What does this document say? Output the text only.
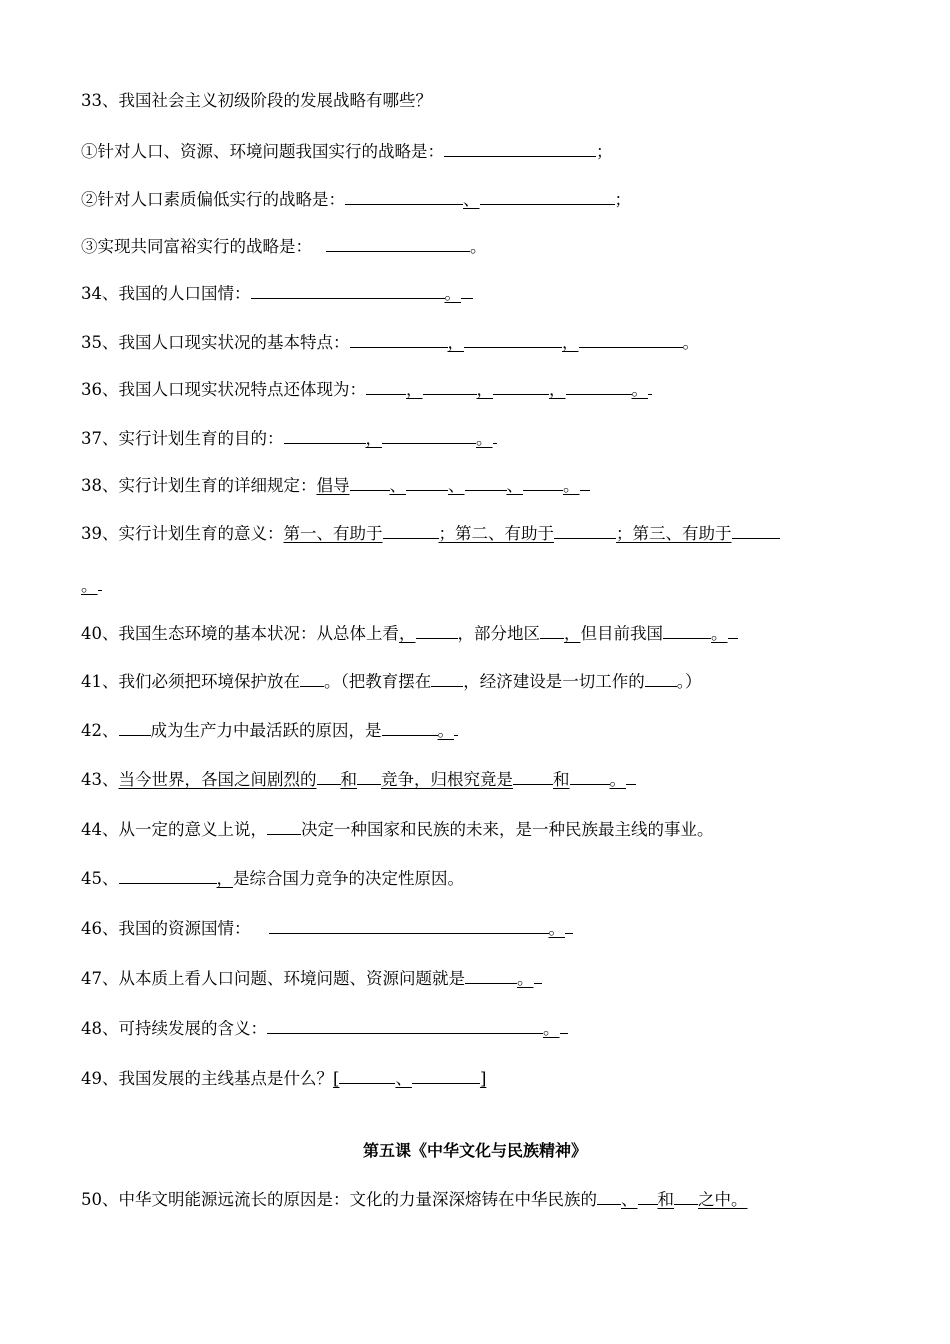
33、我国社会主义初级阶段的发展战略有哪些？
①针对人口、资源、环境问题我国实行的战略是：	；
②针对人口素质偏低实行的战略是：	、	；
③实现共同富裕实行的战略是：	。
34、我国的人口国情：	。
35、我国人口现实状况的基本特点：	，	，	。
36、我国人口现实状况特点还体现为： ，	，	，	。
37、实行计划生育的目的：	，	。
38、实行计划生育的详细规定：倡导 、	、	、 。
39、实行计划生育的意义：第一、有助于	；第二、有助于	；第三、有助于
。
40、我国生态环境的基本状况：从总体上看，	，部分地区 ，但目前我国	。
41、我们必须把环境保护放在 。（把教育摆在 ，经济建设是一切工作的 。）
42、 成为生产力中最活跃的原因，是	。
43、当今世界，各国之间剧烈的 和 竞争，归根究竟是 和 。
44、从一定的意义上说， 决定一种国家和民族的未来，是一种民族最主线的事业。
45、	，是综合国力竞争的决定性原因。
46、我国的资源国情：	。
47、从本质上看人口问题、环境问题、资源问题就是	。
48、可持续发展的含义：	。
49、我国发展的主线基点是什么？[	、	]
第五课《中华文化与民族精神》
50、中华文明能源远流长的原因是：文化的力量深深熔铸在中华民族的 、 和 之中。
